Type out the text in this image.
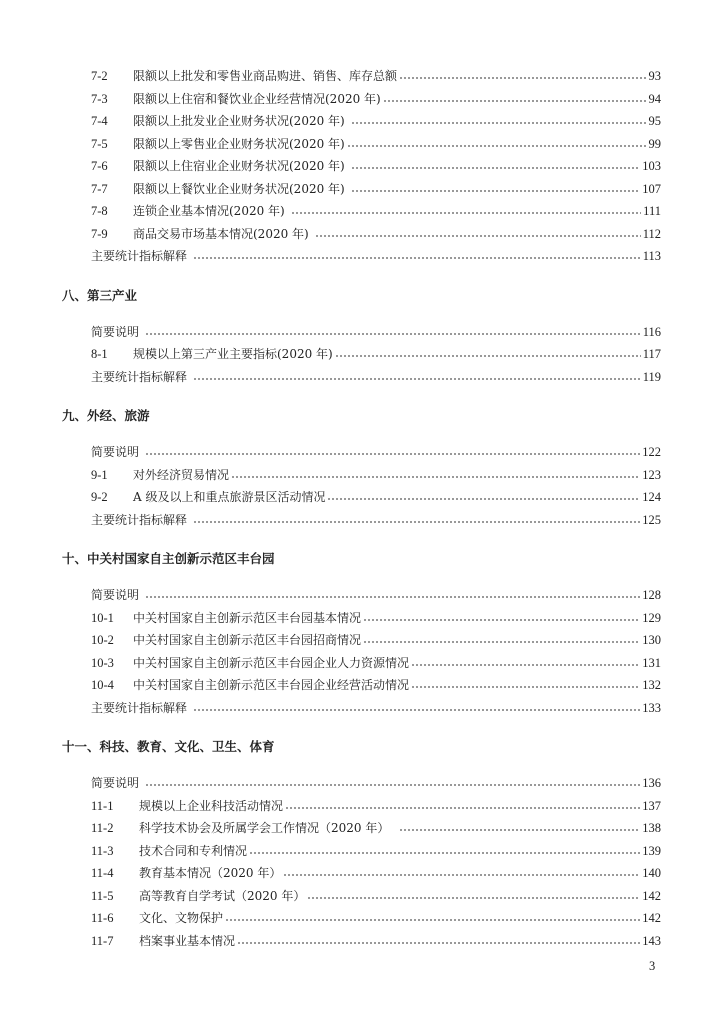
7-2	限额以上批发和零售业商品购进、销售、库存总额	93
7-3	限额以上住宿和餐饮业企业经营情况(2020 年)	94
7-4	限额以上批发业企业财务状况(2020 年)	95
7-5	限额以上零售业企业财务状况(2020 年)	99
7-6	限额以上住宿业企业财务状况(2020 年)	103
7-7	限额以上餐饮业企业财务状况(2020 年)	107
7-8	连锁企业基本情况(2020 年)	111
7-9	商品交易市场基本情况(2020 年)	112
主要统计指标解释	113
八、第三产业
简要说明	116
8-1	规模以上第三产业主要指标(2020 年)	117
主要统计指标解释	119
九、外经、旅游
简要说明	122
9-1	对外经济贸易情况	123
9-2	A 级及以上和重点旅游景区活动情况	124
主要统计指标解释	125
十、中关村国家自主创新示范区丰台园
简要说明	128
10-1	中关村国家自主创新示范区丰台园基本情况	129
10-2	中关村国家自主创新示范区丰台园招商情况	130
10-3	中关村国家自主创新示范区丰台园企业人力资源情况	131
10-4	中关村国家自主创新示范区丰台园企业经营活动情况	132
主要统计指标解释	133
十一、科技、教育、文化、卫生、体育
简要说明	136
11-1	规模以上企业科技活动情况	137
11-2	科学技术协会及所属学会工作情况（2020 年）	138
11-3	技术合同和专利情况	139
11-4	教育基本情况（2020 年）	140
11-5	高等教育自学考试（2020 年）	142
11-6	文化、文物保护	142
11-7	档案事业基本情况	143
3
